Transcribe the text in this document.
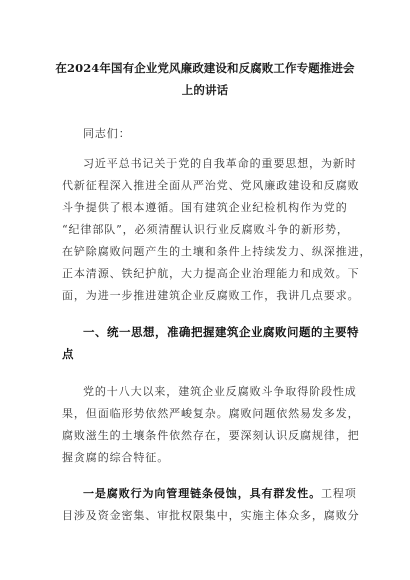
在2024年国有企业党风廉政建设和反腐败工作专题推进会
上的讲话
同志们：
习近平总书记关于党的自我革命的重要思想，为新时
代新征程深入推进全面从严治党、党风廉政建设和反腐败
斗争提供了根本遵循。国有建筑企业纪检机构作为党的
“纪律部队”，必须清醒认识行业反腐败斗争的新形势，
在铲除腐败问题产生的土壤和条件上持续发力、纵深推进，
正本清源、铁纪护航，大力提高企业治理能力和成效。下
面，为进一步推进建筑企业反腐败工作，我讲几点要求。
一、统一思想，准确把握建筑企业腐败问题的主要特
点
党的十八大以来，建筑企业反腐败斗争取得阶段性成
果，但面临形势依然严峻复杂。腐败问题依然易发多发，
腐败滋生的土壤条件依然存在，要深刻认识反腐规律，把
握贪腐的综合特征。
一是腐败行为向管理链条侵蚀，具有群发性。工程项
目涉及资金密集、审批权限集中，实施主体众多，腐败分
